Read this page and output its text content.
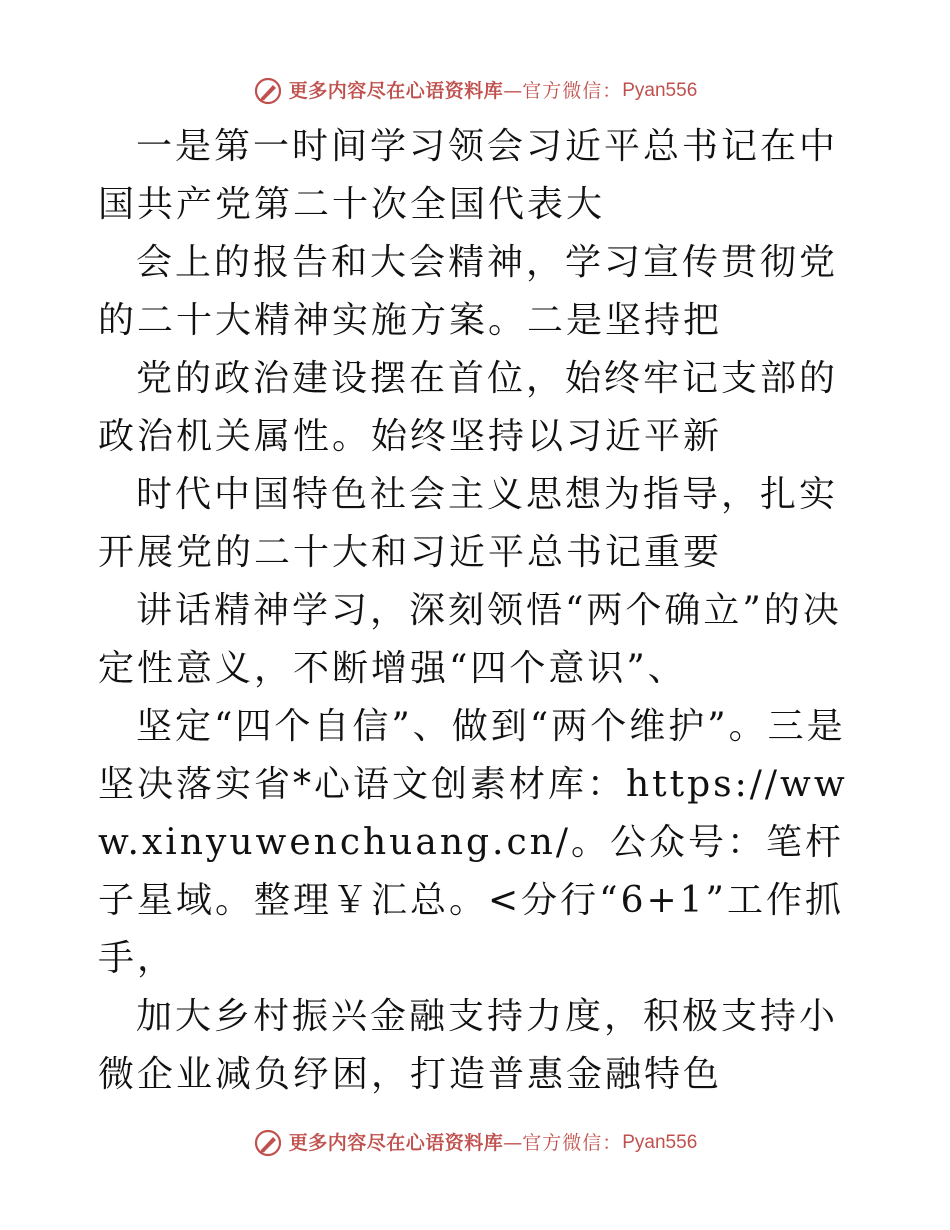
更多内容尽在心语资料库 — 官方微信： Pyan556

一是第一时间学习领会习近平总书记在中国共产党第二十次全国代表大

会上的报告和大会精神，学习宣传贯彻党的二十大精神实施方案。二是坚持把

党的政治建设摆在首位，始终牢记支部的政治机关属性。始终坚持以习近平新

时代中国特色社会主义思想为指导，扎实开展党的二十大和习近平总书记重要

讲话精神学习，深刻领悟“两个确立”的决定性意义，不断增强“四个意识”、

坚定“四个自信”、做到“两个维护”。三是坚决落实省*心语文创素材库：https://www.xinyuwenchuang.cn/。公众号：笔杆子星域。整理￥汇总。<分行“6+1”工作抓手，

加大乡村振兴金融支持力度，积极支持小微企业减负纾困，打造普惠金融特色

更多内容尽在心语资料库 — 官方微信： Pyan556
